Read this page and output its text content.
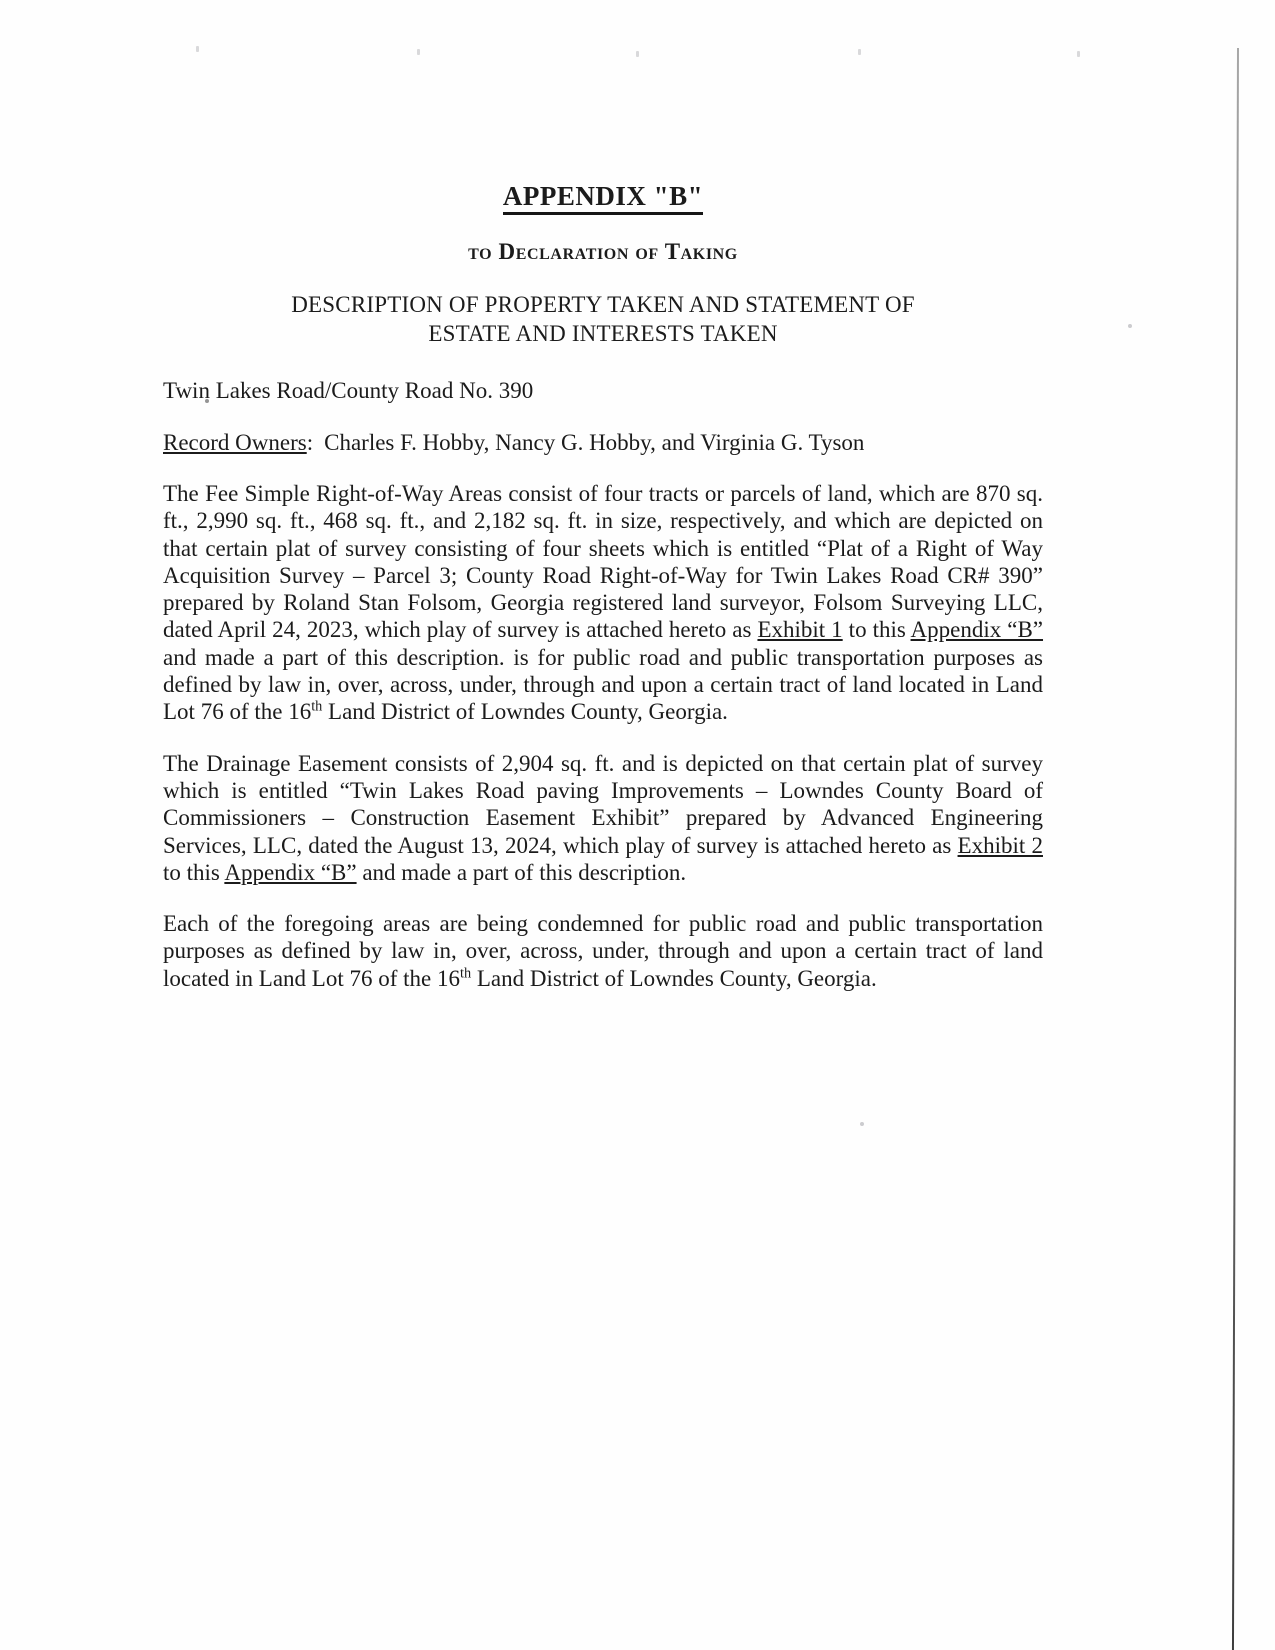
APPENDIX "B"
to Declaration of Taking
DESCRIPTION OF PROPERTY TAKEN AND STATEMENT OF
ESTATE AND INTERESTS TAKEN

Twin Lakes Road/County Road No. 390

Record Owners: Charles F. Hobby, Nancy G. Hobby, and Virginia G. Tyson

The Fee Simple Right-of-Way Areas consist of four tracts or parcels of land, which are 870 sq. ft., 2,990 sq. ft., 468 sq. ft., and 2,182 sq. ft. in size, respectively, and which are depicted on that certain plat of survey consisting of four sheets which is entitled “Plat of a Right of Way Acquisition Survey – Parcel 3; County Road Right-of-Way for Twin Lakes Road CR# 390” prepared by Roland Stan Folsom, Georgia registered land surveyor, Folsom Surveying LLC, dated April 24, 2023, which play of survey is attached hereto as Exhibit 1 to this Appendix “B” and made a part of this description. is for public road and public transportation purposes as defined by law in, over, across, under, through and upon a certain tract of land located in Land Lot 76 of the 16th Land District of Lowndes County, Georgia.

The Drainage Easement consists of 2,904 sq. ft. and is depicted on that certain plat of survey which is entitled “Twin Lakes Road paving Improvements – Lowndes County Board of Commissioners – Construction Easement Exhibit” prepared by Advanced Engineering Services, LLC, dated the August 13, 2024, which play of survey is attached hereto as Exhibit 2 to this Appendix “B” and made a part of this description.

Each of the foregoing areas are being condemned for public road and public transportation purposes as defined by law in, over, across, under, through and upon a certain tract of land located in Land Lot 76 of the 16th Land District of Lowndes County, Georgia.
